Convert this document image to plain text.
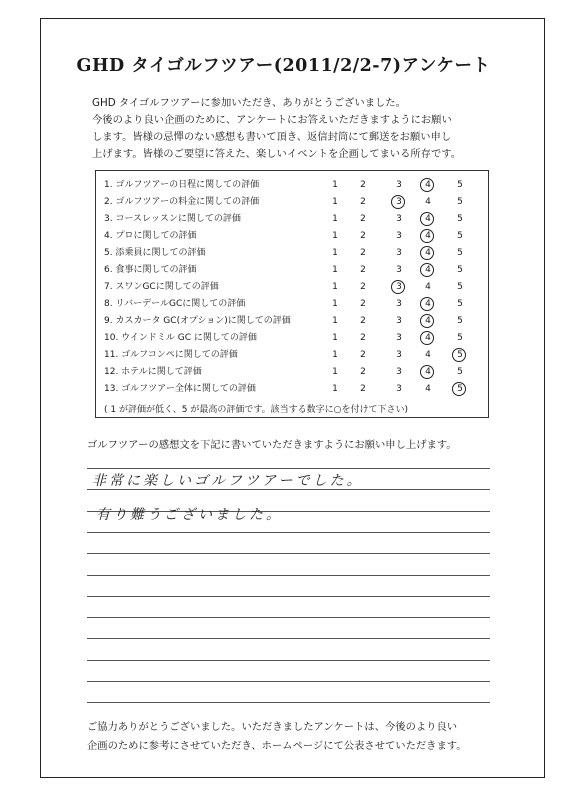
GHD タイゴルフツアー(2011/2/2-7)アンケート
GHD タイゴルフツアーに参加いただき、ありがとうございました。
今後のより良い企画のために、アンケートにお答えいただきますようにお願い
します。皆様の忌憚のない感想も書いて頂き、返信封筒にて郵送をお願い申し
上げます。皆様のご要望に答えた、楽しいイベントを企画してまいる所存です。
( 1 が評価が低く、5 が最高の評価です。該当する数字に○を付けて下さい)
1. ゴルフツアーの日程に関しての評価	1	2	3	4	5
2. ゴルフツアーの料金に関しての評価	1	2	3	4	5
3. コースレッスンに関しての評価	1	2	3	4	5
4. プロに関しての評価	1	2	3	4	5
5. 添乗員に関しての評価	1	2	3	4	5
6. 食事に関しての評価	1	2	3	4	5
7. スワンGCに関しての評価	1	2	3	4	5
8. リバーデールGCに関しての評価	1	2	3	4	5
9. カスカータ GC(オプション)に関しての評価	1	2	3	4	5
10. ウインドミル GC に関しての評価	1	2	3	4	5
11. ゴルフコンペに関しての評価	1	2	3	4	5
12. ホテルに関して評価	1	2	3	4	5
13. ゴルフツアー全体に関しての評価	1	2	3	4	5
ゴルフツアーの感想文を下記に書いていただきますようにお願い申し上げます。
非常に楽しいゴルフツアーでした。
有り難うございました。
ご協力ありがとうございました。いただきましたアンケートは、今後のより良い
企画のために参考にさせていただき、ホームページにて公表させていただきます。
